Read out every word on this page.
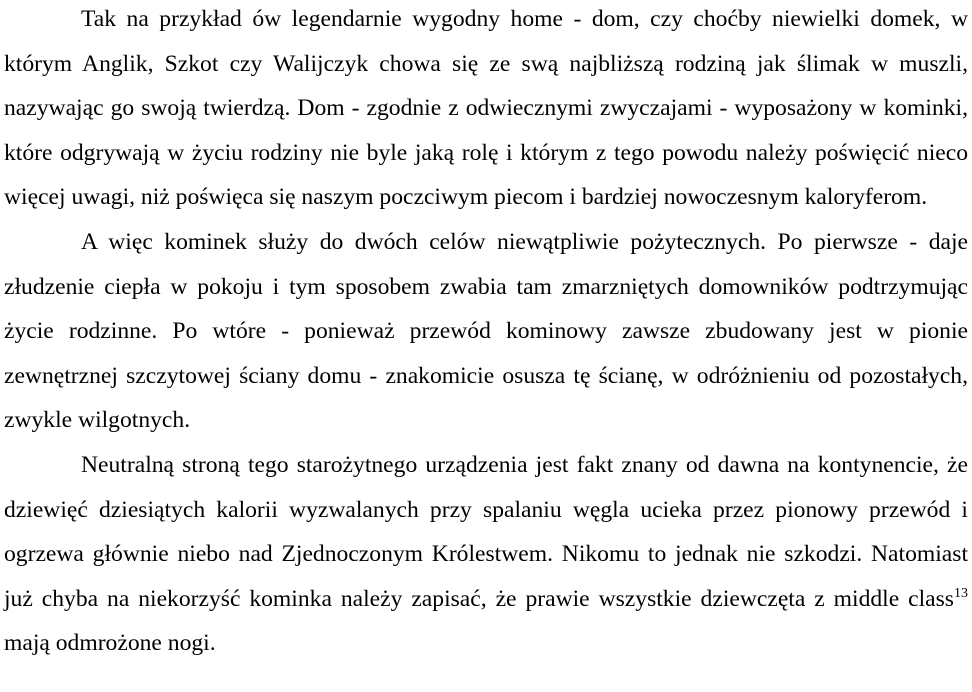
Tak na przykład ów legendarnie wygodny home - dom, czy choćby niewielki domek, w którym Anglik, Szkot czy Walijczyk chowa się ze swą najbliższą rodziną jak ślimak w muszli, nazywając go swoją twierdzą. Dom - zgodnie z odwiecznymi zwyczajami - wyposażony w kominki, które odgrywają w życiu rodziny nie byle jaką rolę i którym z tego powodu należy poświęcić nieco więcej uwagi, niż poświęca się naszym poczciwym piecom i bardziej nowoczesnym kaloryferom.

A więc kominek służy do dwóch celów niewątpliwie pożytecznych. Po pierwsze - daje złudzenie ciepła w pokoju i tym sposobem zwabia tam zmarzniętych domowników podtrzymując życie rodzinne. Po wtóre - ponieważ przewód kominowy zawsze zbudowany jest w pionie zewnętrznej szczytowej ściany domu - znakomicie osusza tę ścianę, w odróżnieniu od pozostałych, zwykle wilgotnych.

Neutralną stroną tego starożytnego urządzenia jest fakt znany od dawna na kontynencie, że dziewięć dziesiątych kalorii wyzwalanych przy spalaniu węgla ucieka przez pionowy przewód i ogrzewa głównie niebo nad Zjednoczonym Królestwem. Nikomu to jednak nie szkodzi. Natomiast już chyba na niekorzyść kominka należy zapisać, że prawie wszystkie dziewczęta z middle class$^{13}$ mają odmrożone nogi.
